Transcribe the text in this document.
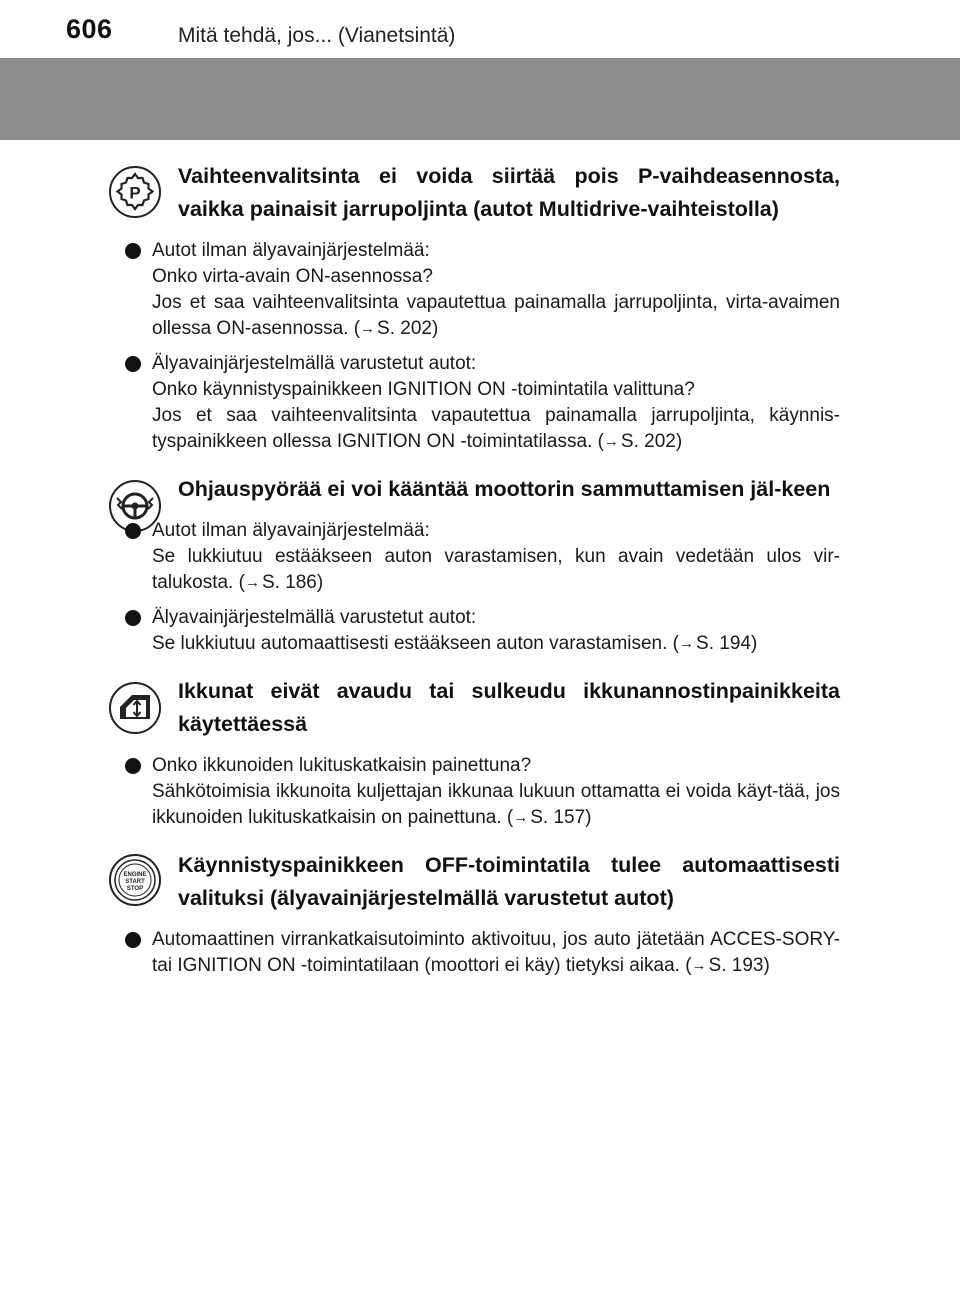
606	Mitä tehdä, jos... (Vianetsintä)
P
Vaihteenvalitsinta ei voida siirtää pois P-vaihdeasennosta, vaikka painaisit jarrupoljinta (autot Multidrive-vaihteistolla)
Autot ilman älyavainjärjestelmää:
Onko virta-avain ON-asennossa?
Jos et saa vaihteenvalitsinta vapautettua painamalla jarrupoljinta, virta-avaimen ollessa ON-asennossa. (→ S. 202)
Älyavainjärjestelmällä varustetut autot:
Onko käynnistyspainikkeen IGNITION ON -toimintatila valittuna?
Jos et saa vaihteenvalitsinta vapautettua painamalla jarrupoljinta, käynnis-tyspainikkeen ollessa IGNITION ON -toimintatilassa. (→ S. 202)
Ohjauspyörää ei voi kääntää moottorin sammuttamisen jäl-keen
Autot ilman älyavainjärjestelmää:
Se lukkiutuu estääkseen auton varastamisen, kun avain vedetään ulos vir-talukosta. (→ S. 186)
Älyavainjärjestelmällä varustetut autot:
Se lukkiutuu automaattisesti estääkseen auton varastamisen. (→ S. 194)
Ikkunat eivät avaudu tai sulkeudu ikkunannostinpainikkeita käytettäessä
Onko ikkunoiden lukituskatkaisin painettuna?
Sähkötoimisia ikkunoita kuljettajan ikkunaa lukuun ottamatta ei voida käyt-tää, jos ikkunoiden lukituskatkaisin on painettuna. (→ S. 157)
ENGINE
START
STOP
Käynnistyspainikkeen OFF-toimintatila tulee automaattisesti valituksi (älyavainjärjestelmällä varustetut autot)
Automaattinen virrankatkaisutoiminto aktivoituu, jos auto jätetään ACCES-SORY- tai IGNITION ON -toimintatilaan (moottori ei käy) tietyksi aikaa. (→ S. 193)
